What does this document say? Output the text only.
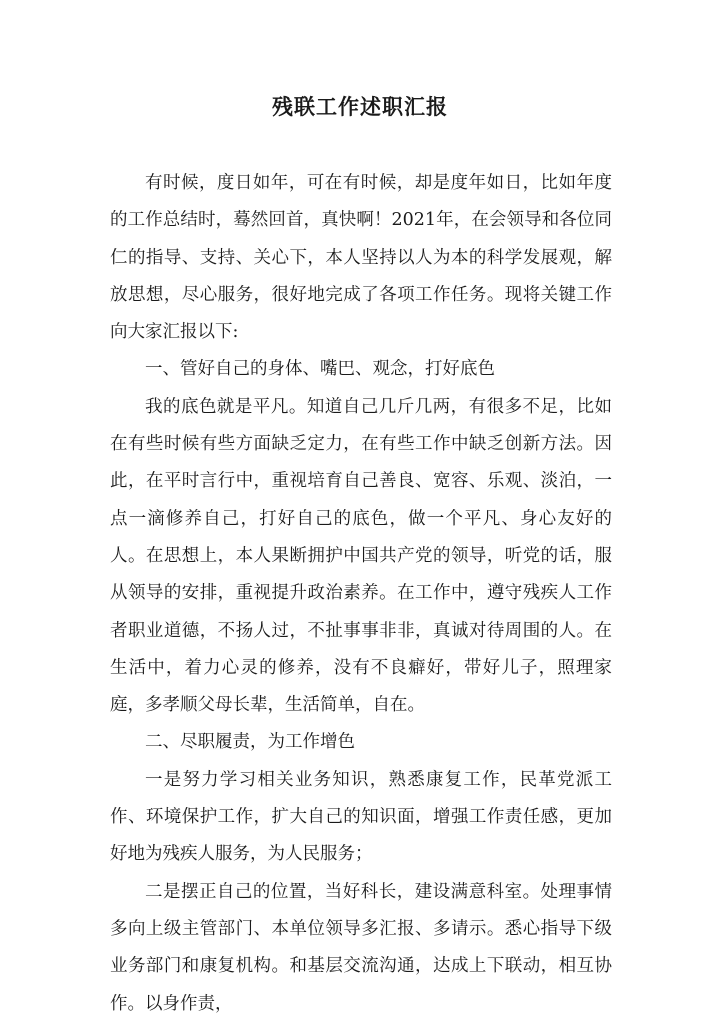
残联工作述职汇报

有时候，度日如年，可在有时候，却是度年如日，比如年度的工作总结时，蓦然回首，真快啊！2021年，在会领导和各位同仁的指导、支持、关心下，本人坚持以人为本的科学发展观，解放思想，尽心服务，很好地完成了各项工作任务。现将关键工作向大家汇报以下:

一、管好自己的身体、嘴巴、观念，打好底色

我的底色就是平凡。知道自己几斤几两，有很多不足，比如在有些时候有些方面缺乏定力，在有些工作中缺乏创新方法。因此，在平时言行中，重视培育自己善良、宽容、乐观、淡泊，一点一滴修养自己，打好自己的底色，做一个平凡、身心友好的人。在思想上，本人果断拥护中国共产党的领导，听党的话，服从领导的安排，重视提升政治素养。在工作中，遵守残疾人工作者职业道德，不扬人过，不扯事事非非，真诚对待周围的人。在生活中，着力心灵的修养，没有不良癖好，带好儿子，照理家庭，多孝顺父母长辈，生活简单，自在。

二、尽职履责，为工作增色

一是努力学习相关业务知识，熟悉康复工作，民革党派工作、环境保护工作，扩大自己的知识面，增强工作责任感，更加好地为残疾人服务，为人民服务；

二是摆正自己的位置，当好科长，建设满意科室。处理事情多向上级主管部门、本单位领导多汇报、多请示。悉心指导下级业务部门和康复机构。和基层交流沟通，达成上下联动，相互协作。以身作责，
